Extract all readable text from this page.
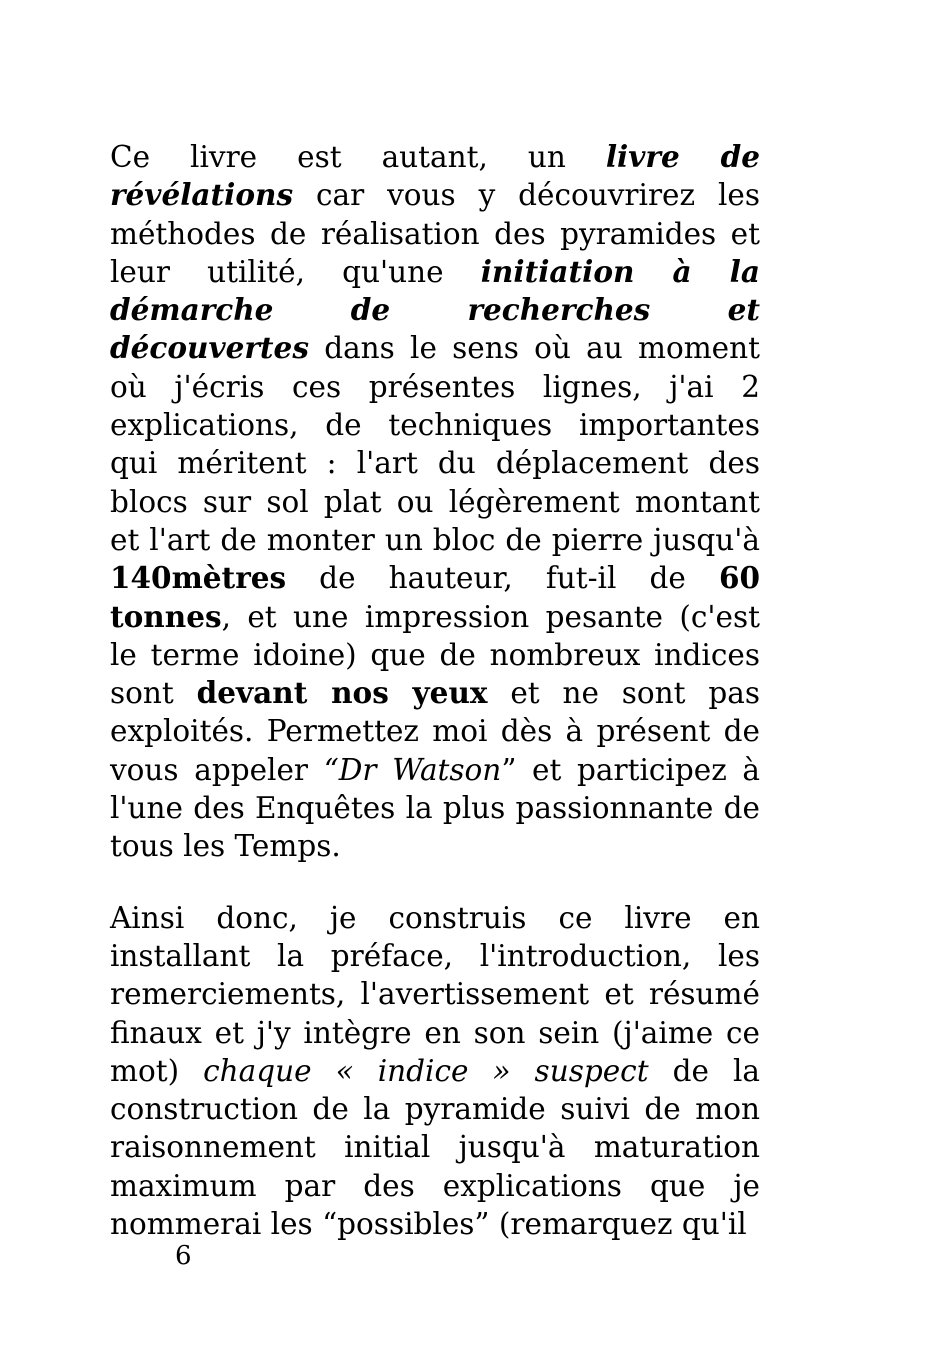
Ce livre est autant, un livre de révélations car vous y découvrirez les méthodes de réalisation des pyramides et leur utilité, qu'une initiation à la démarche de recherches et découvertes dans le sens où au moment où j'écris ces présentes lignes, j'ai 2 explications, de techniques importantes qui méritent : l'art du déplacement des blocs sur sol plat ou légèrement montant et l'art de monter un bloc de pierre jusqu'à 140mètres de hauteur, fut-il de 60 tonnes, et une impression pesante (c'est le terme idoine) que de nombreux indices sont devant nos yeux et ne sont pas exploités. Permettez moi dès à présent de vous appeler “Dr Watson” et participez à l'une des Enquêtes la plus passionnante de tous les Temps.

Ainsi donc, je construis ce livre en installant la préface, l'introduction, les remerciements, l'avertissement et résumé finaux et j'y intègre en son sein (j'aime ce mot) chaque « indice » suspect de la construction de la pyramide suivi de mon raisonnement initial jusqu'à maturation maximum par des explications que je nommerai les “possibles” (remarquez qu'il

6
